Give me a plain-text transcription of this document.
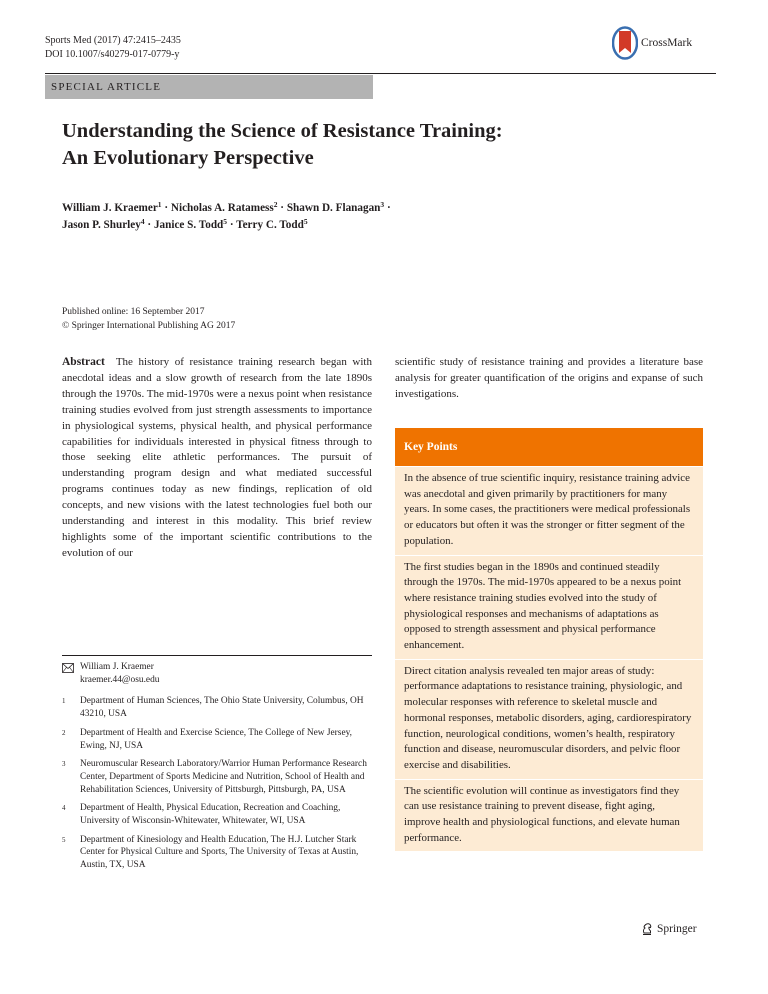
Sports Med (2017) 47:2415–2435
DOI 10.1007/s40279-017-0779-y
CrossMark
SPECIAL ARTICLE
Understanding the Science of Resistance Training:
An Evolutionary Perspective
William J. Kraemer$^1$ · Nicholas A. Ratamess$^2$ · Shawn D. Flanagan$^3$ ·
Jason P. Shurley$^4$ · Janice S. Todd$^5$ · Terry C. Todd$^5$
Published online: 16 September 2017
© Springer International Publishing AG 2017
Abstract The history of resistance training research began with anecdotal ideas and a slow growth of research from the late 1890s through the 1970s. The mid-1970s were a nexus point when resistance training studies evolved from just strength assessments to importance in physiological systems, physical health, and physical performance capabilities for individuals interested in physical fitness through to those seeking elite athletic performances. The pursuit of understanding program design and what mediated successful programs continues today as new findings, replication of old concepts, and new visions with the latest technologies fuel both our understanding and interest in this modality. This brief review highlights some of the important scientific contributions to the evolution of our
scientific study of resistance training and provides a literature base analysis for greater quantification of the origins and expanse of such investigations.
Key Points
In the absence of true scientific inquiry, resistance training advice was anecdotal and given primarily by practitioners for many years. In some cases, the practitioners were medical professionals or educators but often it was the stronger or fitter segment of the population.
The first studies began in the 1890s and continued steadily through the 1970s. The mid-1970s appeared to be a nexus point where resistance training studies evolved into the study of physiological responses and mechanisms of adaptations as opposed to strength assessment and physical performance enhancement.
Direct citation analysis revealed ten major areas of study: performance adaptations to resistance training, physiologic, and molecular responses with reference to skeletal muscle and hormonal responses, metabolic disorders, aging, cardiorespiratory function, neurological conditions, women’s health, respiratory function and disease, neuromuscular disorders, and pelvic floor exercise and disabilities.
The scientific evolution will continue as investigators find they can use resistance training to prevent disease, fight aging, improve health and physiological functions, and elevate human performance.
William J. Kraemer
kraemer.44@osu.edu
1	Department of Human Sciences, The Ohio State University, Columbus, OH 43210, USA
2	Department of Health and Exercise Science, The College of New Jersey, Ewing, NJ, USA
3	Neuromuscular Research Laboratory/Warrior Human Performance Research Center, Department of Sports Medicine and Nutrition, School of Health and Rehabilitation Sciences, University of Pittsburgh, Pittsburgh, PA, USA
4	Department of Health, Physical Education, Recreation and Coaching, University of Wisconsin-Whitewater, Whitewater, WI, USA
5	Department of Kinesiology and Health Education, The H.J. Lutcher Stark Center for Physical Culture and Sports, The University of Texas at Austin, Austin, TX, USA
Springer
